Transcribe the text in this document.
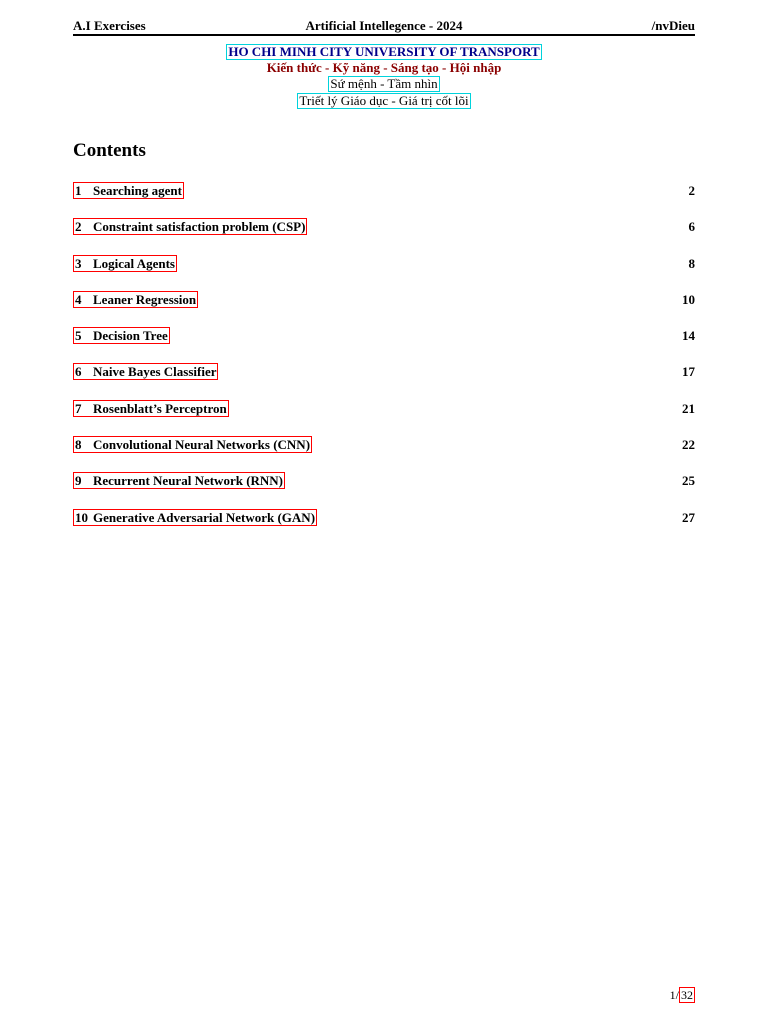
A.I Exercises	Artificial Intellegence - 2024	/nvDieu
HO CHI MINH CITY UNIVERSITY OF TRANSPORT
Kiến thức - Kỹ năng - Sáng tạo - Hội nhập
Sứ mệnh - Tầm nhìn
Triết lý Giáo dục - Giá trị cốt lõi
Contents
1 Searching agent	2
2 Constraint satisfaction problem (CSP)	6
3 Logical Agents	8
4 Leaner Regression	10
5 Decision Tree	14
6 Naive Bayes Classifier	17
7 Rosenblatt’s Perceptron	21
8 Convolutional Neural Networks (CNN)	22
9 Recurrent Neural Network (RNN)	25
10 Generative Adversarial Network (GAN)	27
1/ 32
